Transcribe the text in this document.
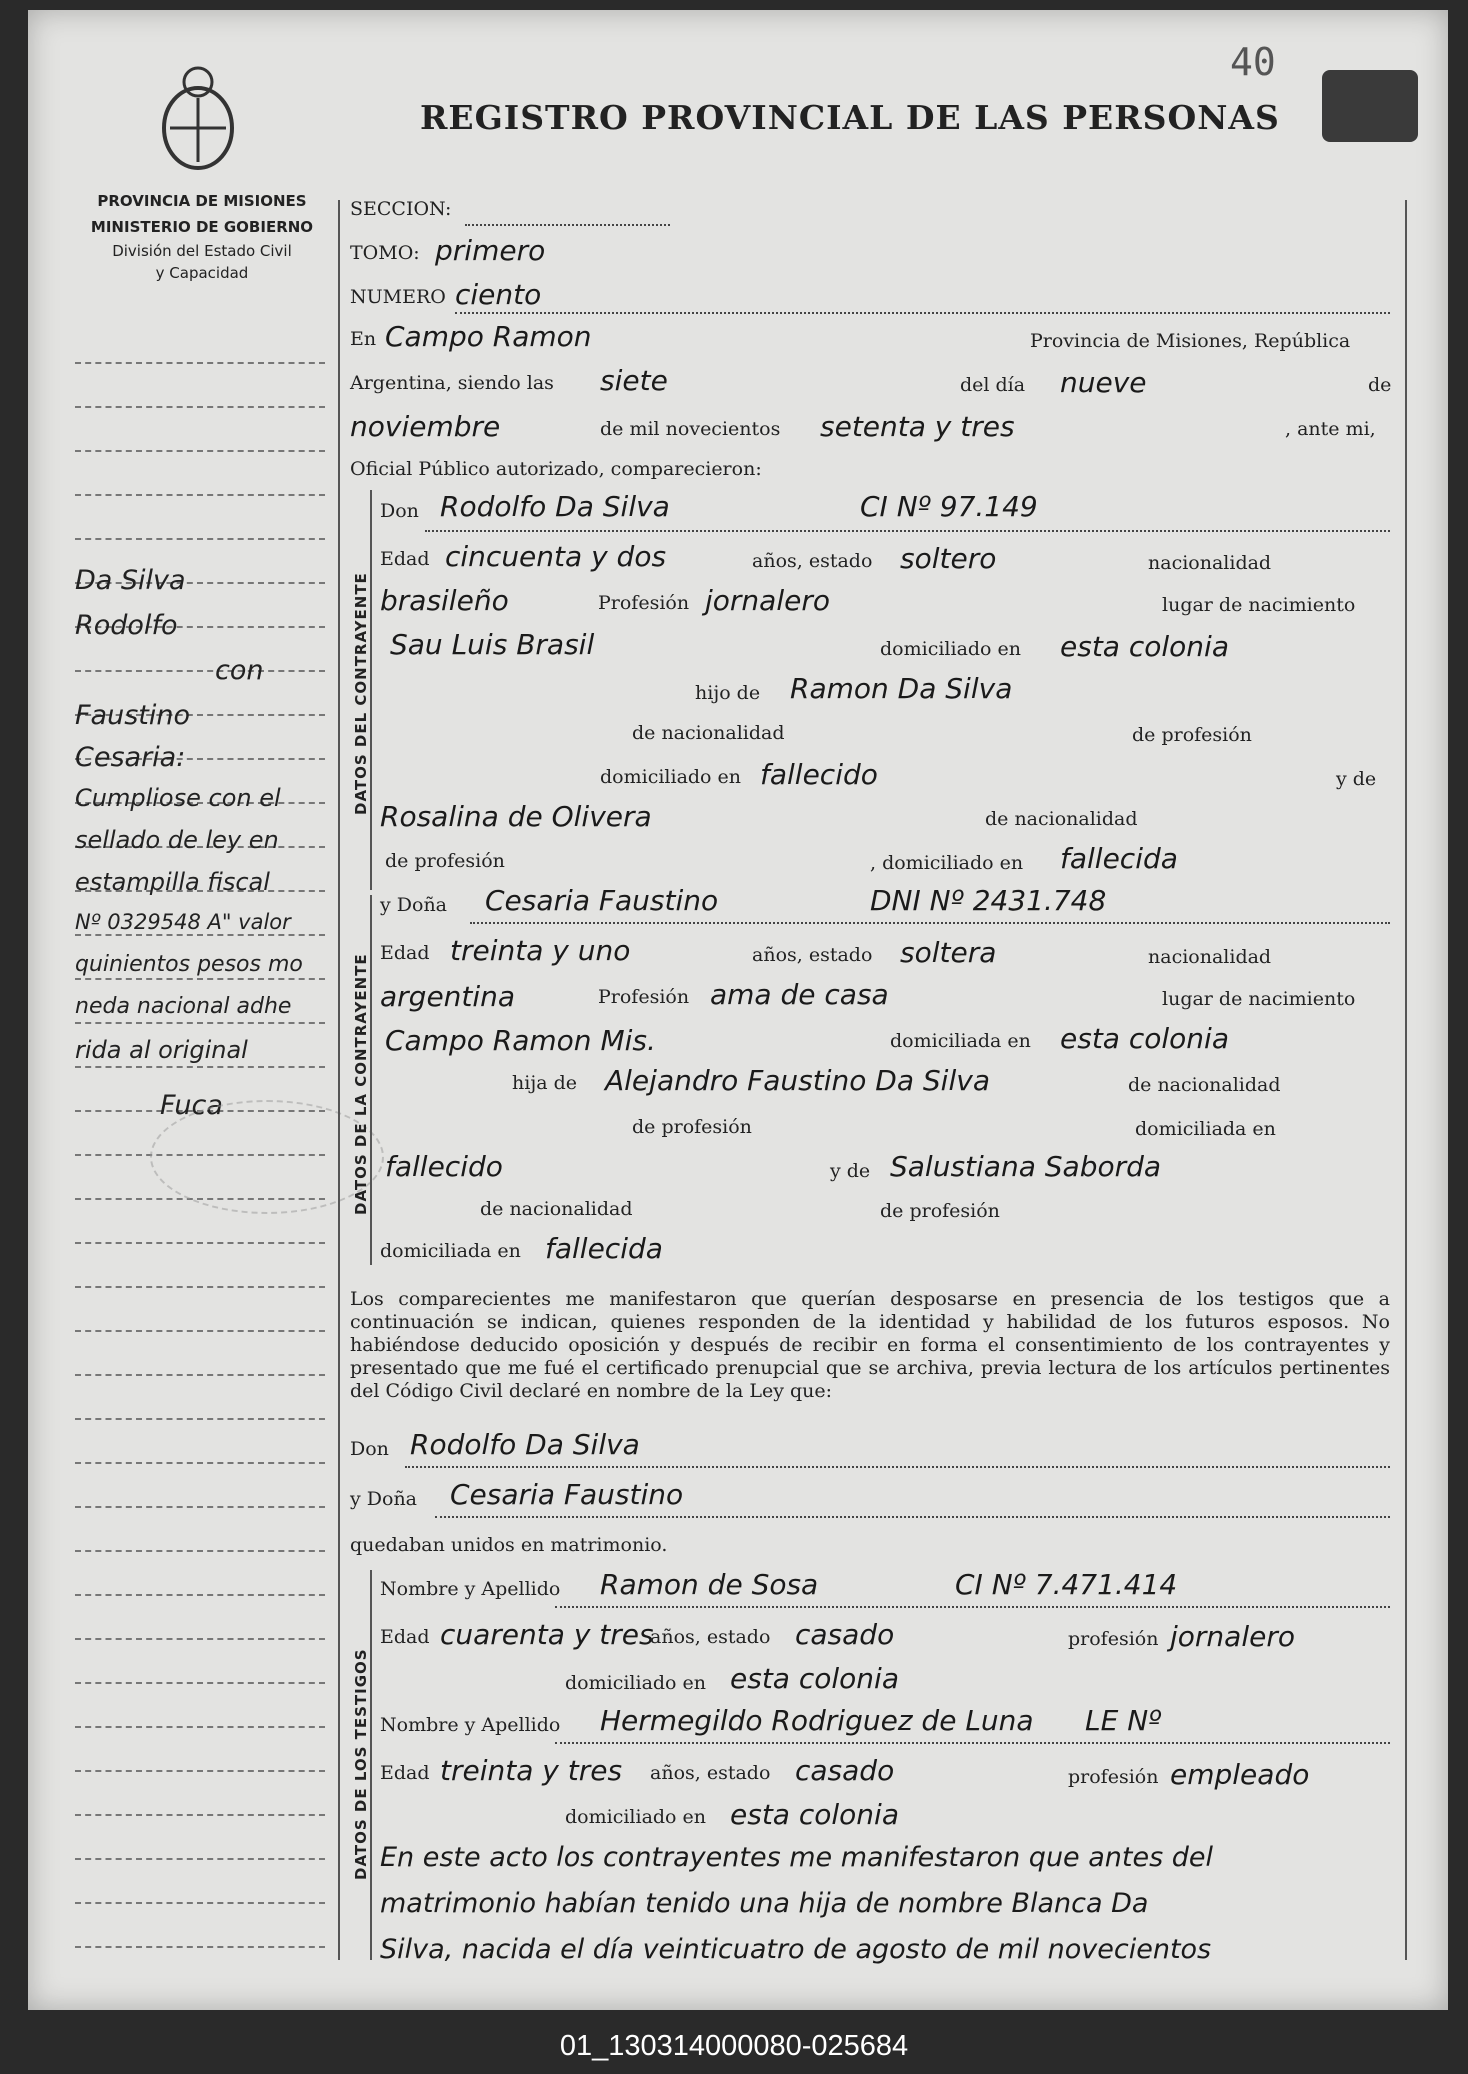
40
REGISTRO PROVINCIAL DE LAS PERSONAS
PROVINCIA DE MISIONES
MINISTERIO DE GOBIERNO
División del Estado Civil
y Capacidad
Da Silva
Rodolfo
con
Faustino
Cesaria:
Cumpliose con el
sellado de ley en
estampilla fiscal
Nº 0329548 A" valor
quinientos pesos mo
neda nacional adhe
rida al original
Fuca
DATOS DEL CONTRAYENTE
DATOS DE LA CONTRAYENTE
DATOS DE LOS TESTIGOS
SECCION:
TOMO: primero
NUMERO ciento
En Campo Ramon	Provincia de Misiones, República
Argentina, siendo las siete	del día nueve	de
noviembre	de mil novecientos setenta y tres	, ante mi,
Oficial Público autorizado, comparecieron:
Don Rodolfo Da Silva	CI Nº 97.149
Edad cincuenta y dos	años, estado soltero	nacionalidad
brasileño	Profesión jornalero	lugar de nacimiento
Sau Luis Brasil	domiciliado en esta colonia
hijo de Ramon Da Silva
de nacionalidad	de profesión
domiciliado en fallecido	y de
Rosalina de Olivera	de nacionalidad
de profesión	, domiciliado en fallecida
y Doña Cesaria Faustino	DNI Nº 2431.748
Edad treinta y uno	años, estado soltera	nacionalidad
argentina	Profesión ama de casa	lugar de nacimiento
Campo Ramon Mis.	domiciliada en esta colonia
hija de Alejandro Faustino Da Silva	de nacionalidad
de profesión	domiciliada en
fallecido	y de Salustiana Saborda
de nacionalidad	de profesión
domiciliada en fallecida
Los comparecientes me manifestaron que querían desposarse en presencia de los testigos que a continuación se indican, quienes responden de la identidad y habilidad de los futuros esposos. No habiéndose deducido oposición y después de recibir en forma el consentimiento de los contrayentes y presentado que me fué el certificado prenupcial que se archiva, previa lectura de los artículos pertinentes del Código Civil declaré en nombre de la Ley que:
Don Rodolfo Da Silva
y Doña Cesaria Faustino
quedaban unidos en matrimonio.
Nombre y Apellido Ramon de Sosa	CI Nº 7.471.414
Edad cuarenta y tres
años, estado casado	profesión jornalero
domiciliado en esta colonia
Nombre y Apellido Hermegildo Rodriguez de Luna LE Nº
Edad treinta y tres años, estado casado	profesión empleado
domiciliado en esta colonia
En este acto los contrayentes me manifestaron que antes del
matrimonio habían tenido una hija de nombre Blanca Da
Silva, nacida el día veinticuatro de agosto de mil novecientos
01_130314000080-025684
